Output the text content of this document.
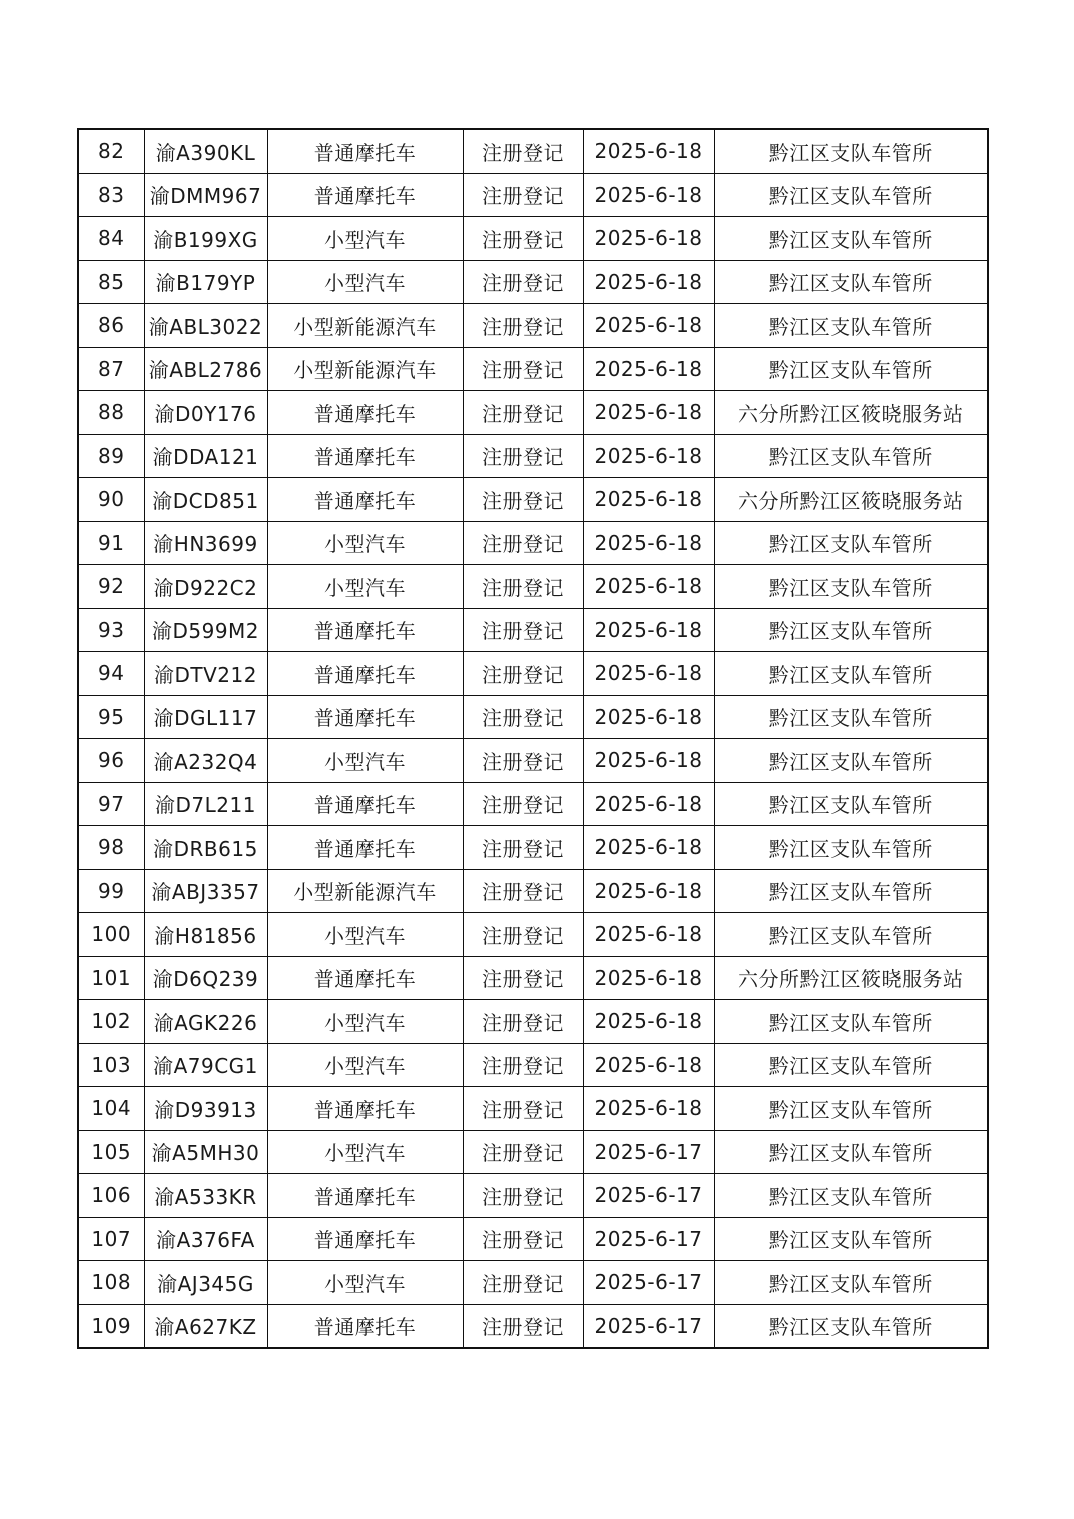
82	渝A390KL	普通摩托车	注册登记	2025-6-18	黔江区支队车管所
83	渝DMM967	普通摩托车	注册登记	2025-6-18	黔江区支队车管所
84	渝B199XG	小型汽车	注册登记	2025-6-18	黔江区支队车管所
85	渝B179YP	小型汽车	注册登记	2025-6-18	黔江区支队车管所
86	渝ABL3022	小型新能源汽车	注册登记	2025-6-18	黔江区支队车管所
87	渝ABL2786	小型新能源汽车	注册登记	2025-6-18	黔江区支队车管所
88	渝D0Y176	普通摩托车	注册登记	2025-6-18	六分所黔江区筱晓服务站
89	渝DDA121	普通摩托车	注册登记	2025-6-18	黔江区支队车管所
90	渝DCD851	普通摩托车	注册登记	2025-6-18	六分所黔江区筱晓服务站
91	渝HN3699	小型汽车	注册登记	2025-6-18	黔江区支队车管所
92	渝D922C2	小型汽车	注册登记	2025-6-18	黔江区支队车管所
93	渝D599M2	普通摩托车	注册登记	2025-6-18	黔江区支队车管所
94	渝DTV212	普通摩托车	注册登记	2025-6-18	黔江区支队车管所
95	渝DGL117	普通摩托车	注册登记	2025-6-18	黔江区支队车管所
96	渝A232Q4	小型汽车	注册登记	2025-6-18	黔江区支队车管所
97	渝D7L211	普通摩托车	注册登记	2025-6-18	黔江区支队车管所
98	渝DRB615	普通摩托车	注册登记	2025-6-18	黔江区支队车管所
99	渝ABJ3357	小型新能源汽车	注册登记	2025-6-18	黔江区支队车管所
100	渝H81856	小型汽车	注册登记	2025-6-18	黔江区支队车管所
101	渝D6Q239	普通摩托车	注册登记	2025-6-18	六分所黔江区筱晓服务站
102	渝AGK226	小型汽车	注册登记	2025-6-18	黔江区支队车管所
103	渝A79CG1	小型汽车	注册登记	2025-6-18	黔江区支队车管所
104	渝D93913	普通摩托车	注册登记	2025-6-18	黔江区支队车管所
105	渝A5MH30	小型汽车	注册登记	2025-6-17	黔江区支队车管所
106	渝A533KR	普通摩托车	注册登记	2025-6-17	黔江区支队车管所
107	渝A376FA	普通摩托车	注册登记	2025-6-17	黔江区支队车管所
108	渝AJ345G	小型汽车	注册登记	2025-6-17	黔江区支队车管所
109	渝A627KZ	普通摩托车	注册登记	2025-6-17	黔江区支队车管所
